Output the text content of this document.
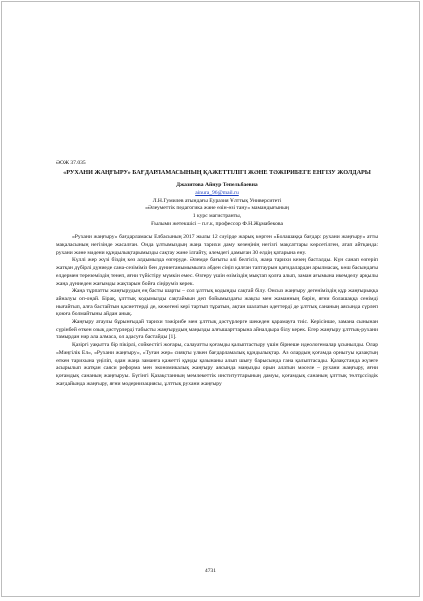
ӘОЖ 37.035

«РУХАНИ ЖАҢҒЫРУ» БАҒДАРЛАМАСЫНЫҢ ҚАЖЕТТІЛІГІ ЖӘНЕ ТӘЖІРИБЕГЕ ЕНГІЗУ ЖОЛДАРЫ

Джазитова Айнур Тепельбаевна

ainura_96@mail.ru

Л.Н.Гумилев атындағы Еуразия Ұлттық Университеті

«Әлеуметтік педагогика және өзін-өзі тану» мамандығының

1 курс магистранты,

Ғылыми жетекшісі – п.ғ.к, профессор Ф.Н.Жұмабекова

«Рухани жаңғыру» бағдарламасы Елбасының 2017 жылы 12 сәуірде жарық көрген «Болашаққа бағдар: рухани жаңғыру» атты мақаласының негізінде жасалған. Онда ұлтымыздың жаңа тарихи даму кезеңінің негізгі мақсаттары көрсетілген, атап айтқанда: рухани және мәдени құндылықтарымызды сақтау және ілгайту, әлемдегі дамыған 30 елдің қатарына ену.

Күллі жер жүзі біздің көз алдымызда өзгеруде. Әлемде бағыты әлі белгісіз, жаңа тарихи кезең басталды. Күн санап өзгеріп жатқан дүбірлі дүниеде сана-сезіміміз бен дүниетанымымызға әбден сіңіп қалған таптаурын қағидалардан арылмасақ, көш басындағы елдермен тереземіздің тенеп, яғни түйістіру мүмкін емес. Өзгеру үшін өзіміздің мықтап қолға алып, заман ағымына икемделу арқылы жаңа дүниеден жағымды жақтарын бойға сіңіруміз керек.

Жаңа тұрпатты жаңғырудың ең басты шарты – сол ұлттық кодыңды сақтай білу. Онсыз жаңғыру дегеніміздің құр жаңғырыққа айналуы оп-оңай. Бірақ, ұлттық кодымызды сақтаймын деп бойымыздағы жақсы мен жаманның бәрін, яғни болашаққа сенімді нығайтып, алға бастайтын қасиеттерді де, кежегені кері тартып тұратын, ақтан шалатын әдеттерді де ұлттық сананың аясында сүрлеп қоюға болмайтыны айдан анық.

Жаңғыру атаулы бұрынғыдай тарихи тәжірибе мен ұлттық дәстүрлерге шекеден қарамауға тиіс. Керісінше, замана сынынан сүрінбей өткен озық дәстүрлерді табысты жаңғырудың маңызды алғышарттарына айналдыра білу керек. Егер жаңғыру ұлттық-рухани тамырдан нәр ала алмаса, ол адасуға бастайды [1].

Қазіргі уақытта бір пікірлі, сойкестігі жоғары, салауатты қоғамды қалыптастыру үшін бірнеше идеологемалар ұсынылды. Олар «Мәңгілік Ел», «Рухани жаңғыру», «Туған жер» сияқты үлкен бағдарламалық құндылықтар. Аз олардың қоғамда орныгуы қазақтың өткен тарихына үңіліп, одан жаңа заманға қажетті құнды қазынаны алып шығу барысында гана қалыптасады. Қазақстанда жүзеге асырылып жатқан саяси реформа мен экономикалық жаңғыру аясында маңызды орын алатын мәселе – рухани жаңғыру, яғни қоғамдық сананың жаңғыруы. Бүгінгі Қазақстанның мемлекеттік институттарының дамуы, қоғамдық сананың ұлттық төлтұссіздік жағдайында жаңғыру, яғни модернизациясы, ұлттық рухани жаңғыру

4731
